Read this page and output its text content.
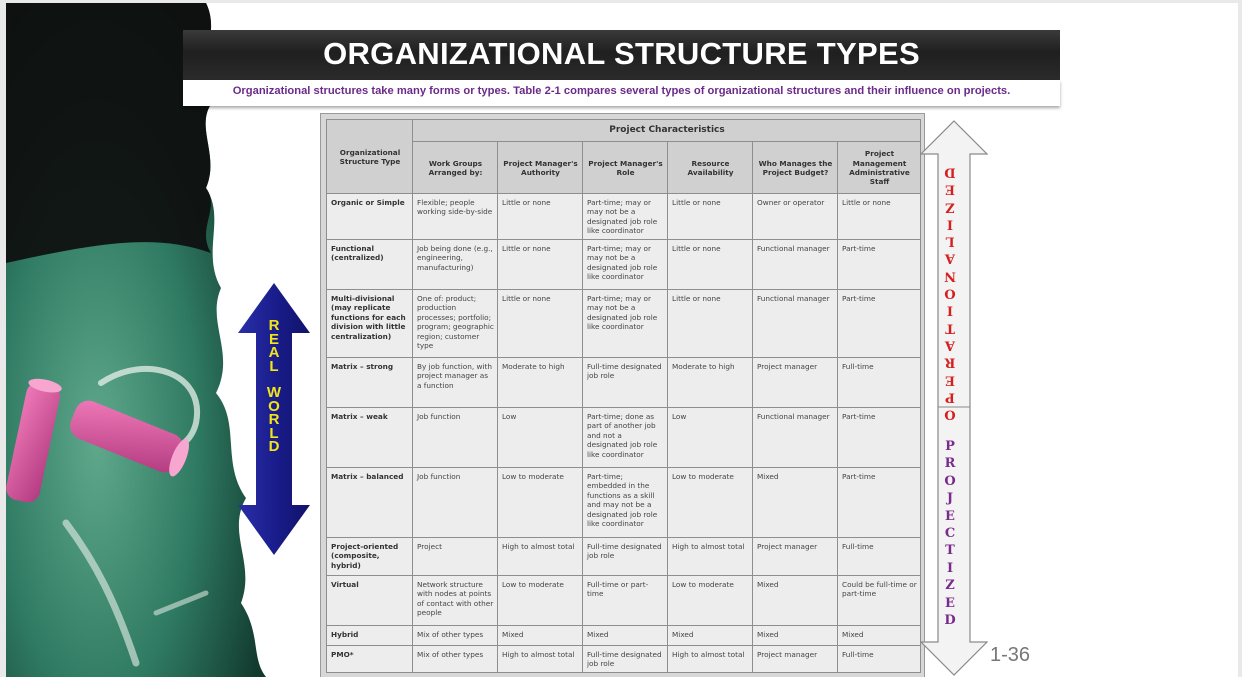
ORGANIZATIONAL STRUCTURE TYPES
Organizational structures take many forms or types. Table 2-1 compares several types of organizational structures and their influence on projects.
R
E
A
L
W
O
R
L
D
Organizational Structure Type	Project Characteristics					
	Work Groups Arranged by:	Project Manager's Authority	Project Manager's Role	Resource Availability	Who Manages the Project Budget?	Project Management Administrative Staff
Organic or Simple	Flexible; people working side-by-side	Little or none	Part-time; may or may not be a designated job role like coordinator	Little or none	Owner or operator	Little or none
Functional (centralized)	Job being done (e.g., engineering, manufacturing)	Little or none	Part-time; may or may not be a designated job role like coordinator	Little or none	Functional manager	Part-time
Multi-divisional (may replicate functions for each division with little centralization)	One of: product; production processes; portfolio; program; geographic region; customer type	Little or none	Part-time; may or may not be a designated job role like coordinator	Little or none	Functional manager	Part-time
Matrix – strong	By job function, with project manager as a function	Moderate to high	Full-time designated job role	Moderate to high	Project manager	Full-time
Matrix – weak	Job function	Low	Part-time; done as part of another job and not a designated job role like coordinator	Low	Functional manager	Part-time
Matrix – balanced	Job function	Low to moderate	Part-time; embedded in the functions as a skill and may not be a designated job role like coordinator	Low to moderate	Mixed	Part-time
Project-oriented (composite, hybrid)	Project	High to almost total	Full-time designated job role	High to almost total	Project manager	Full-time
Virtual	Network structure with nodes at points of contact with other people	Low to moderate	Full-time or part-time	Low to moderate	Mixed	Could be full-time or part-time
Hybrid	Mix of other types	Mixed	Mixed	Mixed	Mixed	Mixed
PMO*	Mix of other types	High to almost total	Full-time designated job role	High to almost total	Project manager	Full-time
D
E
Z
I
L
A
N
O
I
T
A
R
E
P
O
P
R
O
J
E
C
T
I
Z
E
D
1-36
